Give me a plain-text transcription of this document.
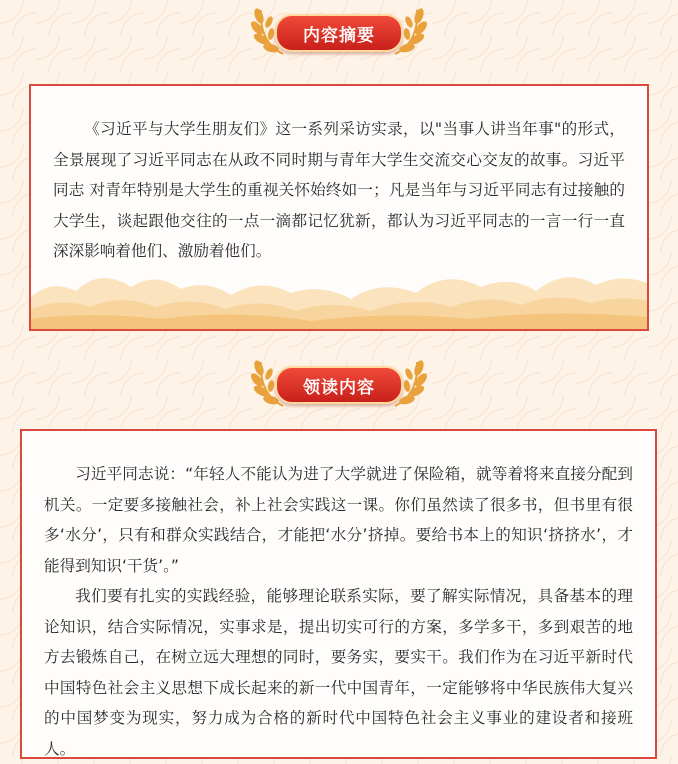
内容摘要

《习近平与大学生朋友们》这一系列采访实录，以"当事人讲当年事"的形式，全景展现了习近平同志在从政不同时期与青年大学生交流交心交友的故事。习近平同志 对青年特别是大学生的重视关怀始终如一；凡是当年与习近平同志有过接触的大学生，谈起跟他交往的一点一滴都记忆犹新，都认为习近平同志的一言一行一直深深影响着他们、激励着他们。

领读内容

习近平同志说：“年轻人不能认为进了大学就进了保险箱，就等着将来直接分配到机关。一定要多接触社会，补上社会实践这一课。你们虽然读了很多书，但书里有很多‘水分’，只有和群众实践结合，才能把‘水分’挤掉。要给书本上的知识‘挤挤水’，才能得到知识‘干货’。”

我们要有扎实的实践经验，能够理论联系实际，要了解实际情况，具备基本的理论知识，结合实际情况，实事求是，提出切实可行的方案，多学多干，多到艰苦的地方去锻炼自己，在树立远大理想的同时，要务实，要实干。我们作为在习近平新时代中国特色社会主义思想下成长起来的新一代中国青年，一定能够将中华民族伟大复兴的中国梦变为现实，努力成为合格的新时代中国特色社会主义事业的建设者和接班人。
